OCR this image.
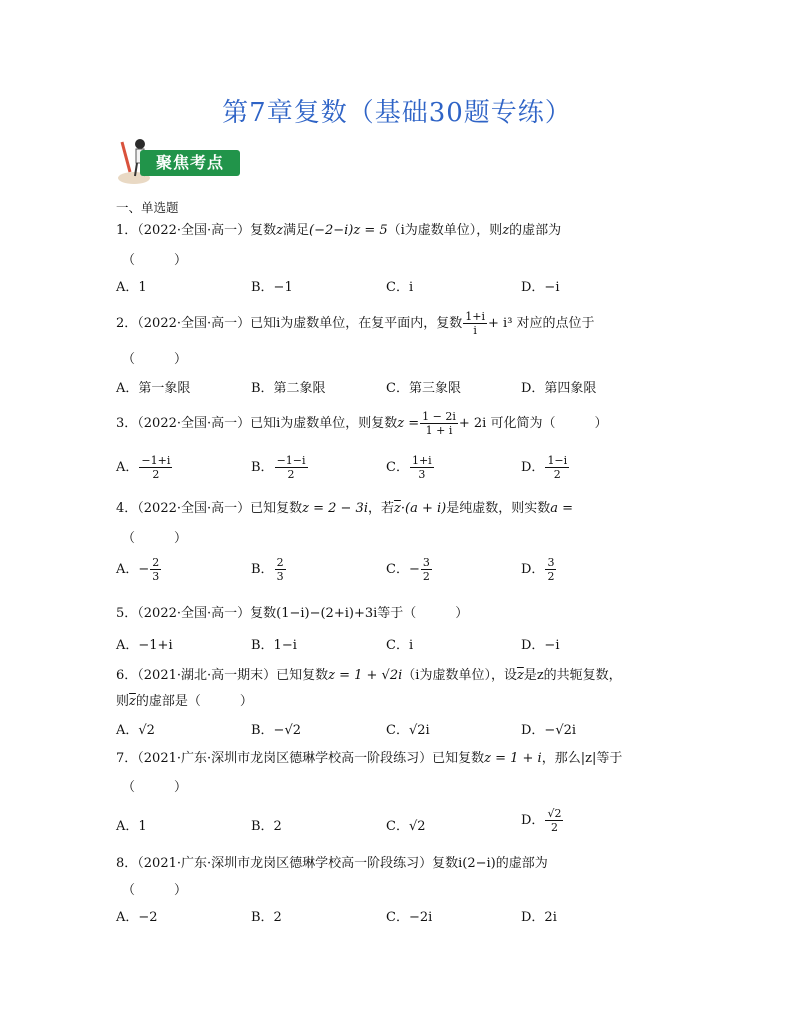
第7章复数（基础30题专练）
聚焦考点
一、单选题
1．（2022·全国·高一）复数z满足(−2−i)z = 5（i为虚数单位），则z的虚部为
（　　　）
A．1	B．−1	C．i	D．−i
2．（2022·全国·高一）已知i为虚数单位，在复平面内，复数 $\frac{1+i}{i} + i^3$ 对应的点位于
（　　　）
A．第一象限	B．第二象限	C．第三象限	D．第四象限
3．（2022·全国·高一）已知i为虚数单位，则复数$z = \frac{1 - 2i}{1 + i} + 2i$ 可化简为（　　　）
A． $\frac{-1+i}{2}$	B． $\frac{-1-i}{2}$	C． $\frac{1+i}{3}$	D． $\frac{1-i}{2}$
4．（2022·全国·高一）已知复数z = 2 − 3i，若$\overline{z}\cdot(a + i)$是纯虚数，则实数a =
（　　　）
A．− $\frac{2}{3}$	B． $\frac{2}{3}$	C．− $\frac{3}{2}$	D． $\frac{3}{2}$
5．（2022·全国·高一）复数(1−i)−(2+i)+3i等于（　　　）
A．−1+i	B．1−i	C．i	D．−i
6．（2021·湖北·高一期末）已知复数z = 1 + √2i（i为虚数单位），设$\overline{z}$是z的共轭复数，
则$\overline{z}$的虚部是（　　　）
A．√2	B．−√2	C．√2i	D．−√2i
7．（2021·广东·深圳市龙岗区德琳学校高一阶段练习）已知复数z = 1 + i，那么|z|等于
（　　　）
A．1	B．2	C．√2	D． $\frac{√2}{2}$
8．（2021·广东·深圳市龙岗区德琳学校高一阶段练习）复数i(2−i)的虚部为
（　　　）
A．−2	B．2	C．−2i	D．2i
